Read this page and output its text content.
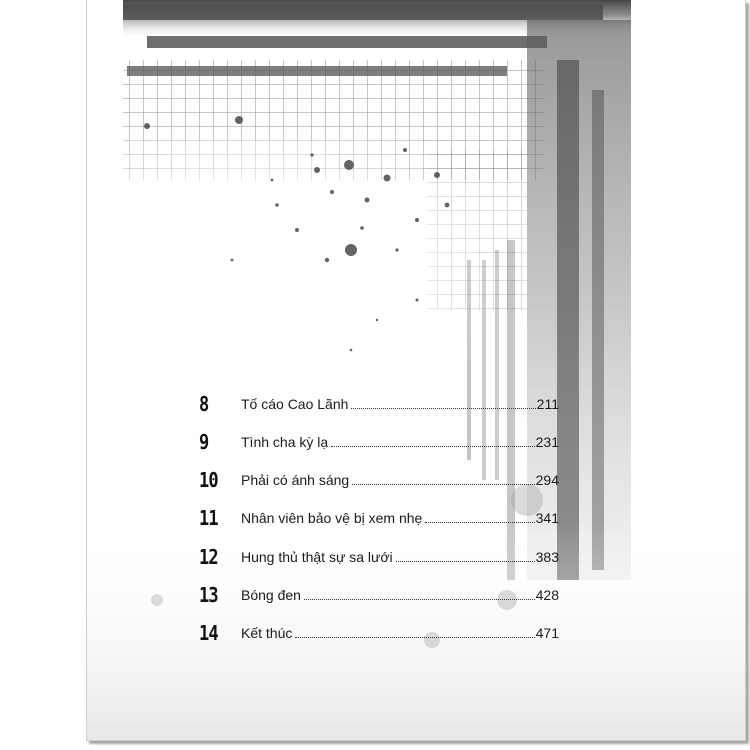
8	Tố cáo Cao Lãnh	211
9	Tình cha kỳ lạ	231
10	Phải có ánh sáng	294
11	Nhân viên bảo vệ bị xem nhẹ	341
12	Hung thủ thật sự sa lưới	383
13	Bóng đen	428
14	Kết thúc	471
